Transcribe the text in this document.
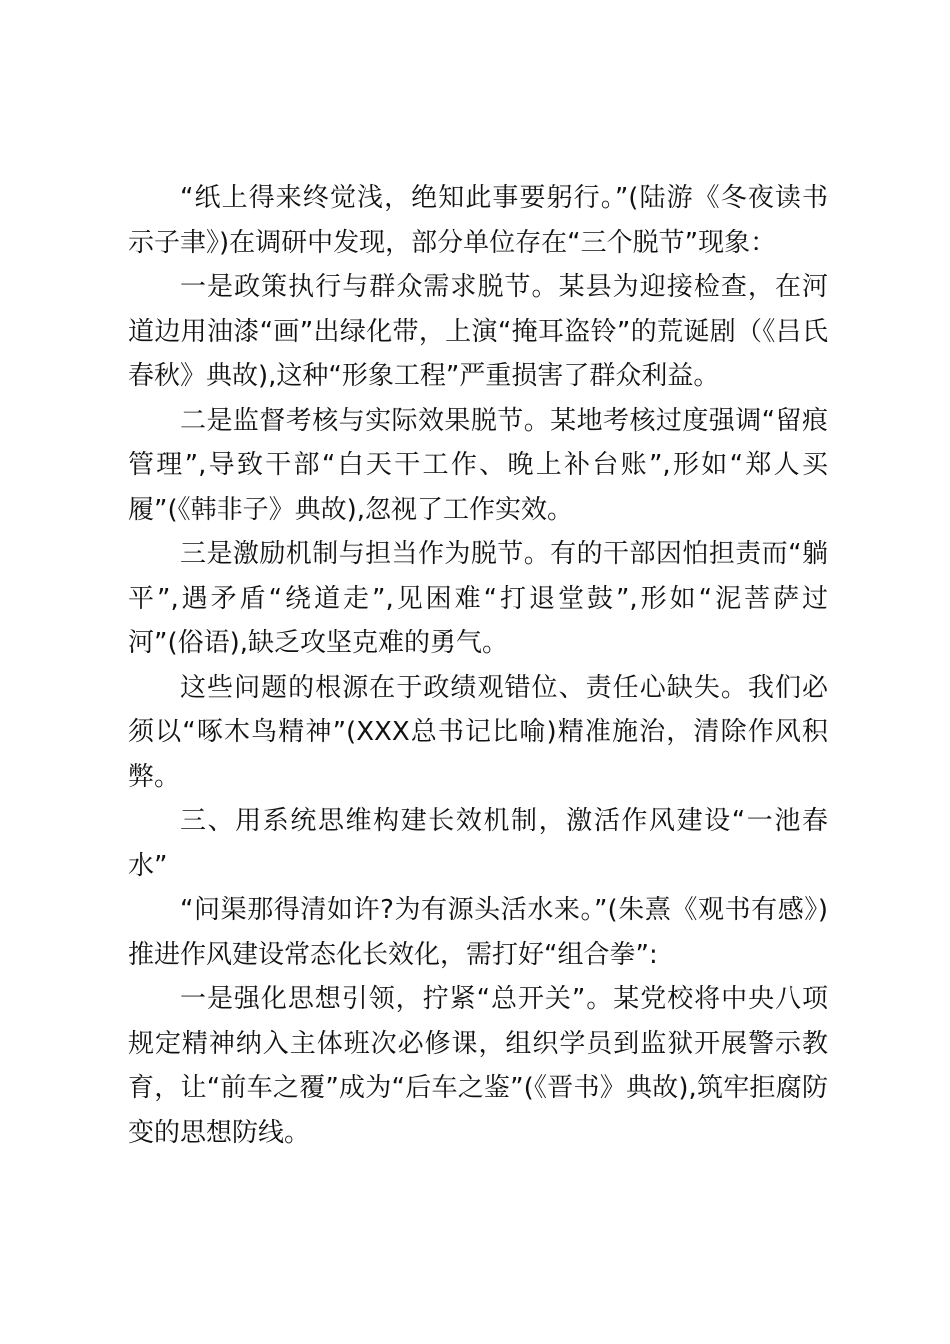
“纸上得来终觉浅，绝知此事要躬行。”(陆游《冬夜读书示子聿》)在调研中发现，部分单位存在“三个脱节”现象：

一是政策执行与群众需求脱节。某县为迎接检查，在河道边用油漆“画”出绿化带，上演“掩耳盗铃”的荒诞剧（《吕氏春秋》典故),这种“形象工程”严重损害了群众利益。

二是监督考核与实际效果脱节。某地考核过度强调“留痕管理”,导致干部“白天干工作、晚上补台账”,形如“郑人买履”(《韩非子》典故),忽视了工作实效。

三是激励机制与担当作为脱节。有的干部因怕担责而“躺平”,遇矛盾“绕道走”,见困难“打退堂鼓”,形如“泥菩萨过河”(俗语),缺乏攻坚克难的勇气。

这些问题的根源在于政绩观错位、责任心缺失。我们必须以“啄木鸟精神”(XXX总书记比喻)精准施治，清除作风积弊。

三、用系统思维构建长效机制，激活作风建设“一池春水”

“问渠那得清如许?为有源头活水来。”(朱熹《观书有感》)推进作风建设常态化长效化，需打好“组合拳”:

一是强化思想引领，拧紧“总开关”。某党校将中央八项规定精神纳入主体班次必修课，组织学员到监狱开展警示教育，让“前车之覆”成为“后车之鉴”(《晋书》典故),筑牢拒腐防变的思想防线。
